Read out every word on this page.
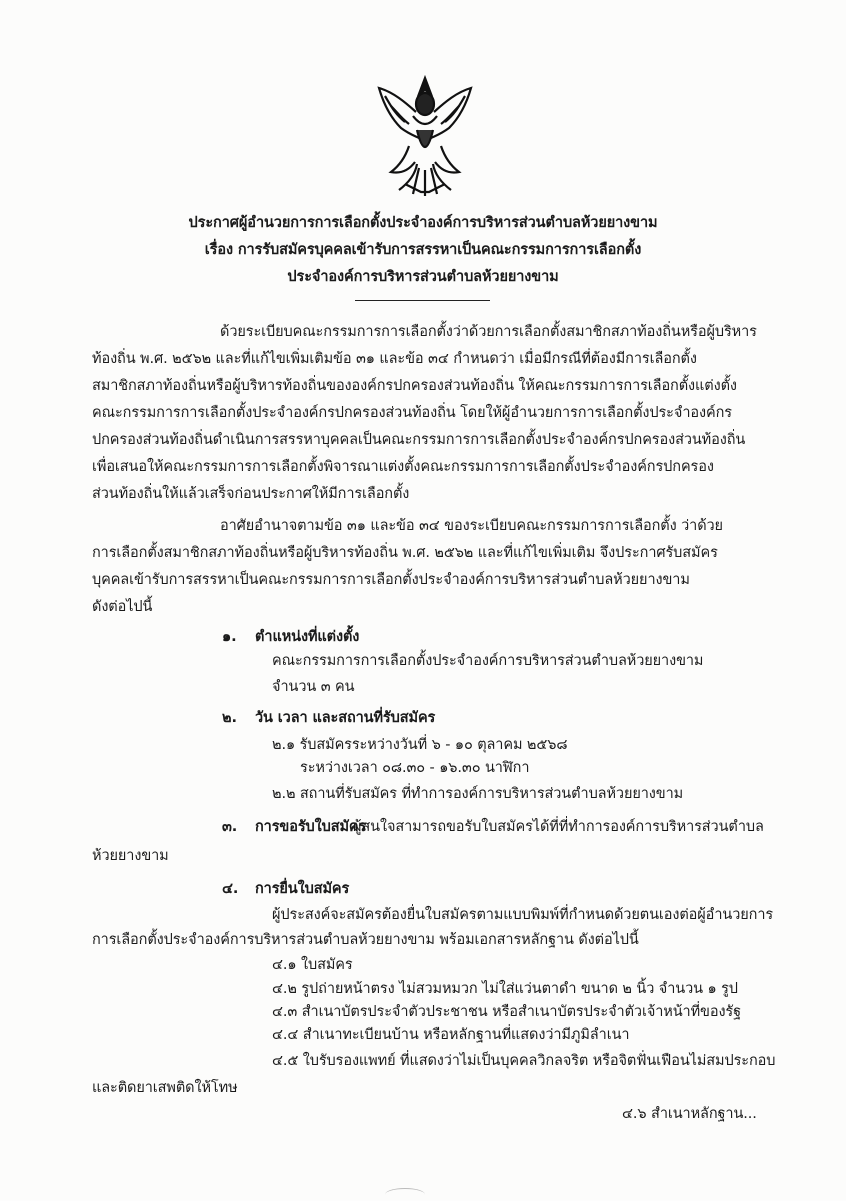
ประกาศผู้อำนวยการการเลือกตั้งประจำองค์การบริหารส่วนตำบลห้วยยางขาม
เรื่อง การรับสมัครบุคคลเข้ารับการสรรหาเป็นคณะกรรมการการเลือกตั้ง
ประจำองค์การบริหารส่วนตำบลห้วยยางขาม
ด้วยระเบียบคณะกรรมการการเลือกตั้งว่าด้วยการเลือกตั้งสมาชิกสภาท้องถิ่นหรือผู้บริหาร
ท้องถิ่น พ.ศ. ๒๕๖๒ และที่แก้ไขเพิ่มเติมข้อ ๓๑ และข้อ ๓๔ กำหนดว่า เมื่อมีกรณีที่ต้องมีการเลือกตั้ง
สมาชิกสภาท้องถิ่นหรือผู้บริหารท้องถิ่นขององค์กรปกครองส่วนท้องถิ่น ให้คณะกรรมการการเลือกตั้งแต่งตั้ง
คณะกรรมการการเลือกตั้งประจำองค์กรปกครองส่วนท้องถิ่น โดยให้ผู้อำนวยการการเลือกตั้งประจำองค์กร
ปกครองส่วนท้องถิ่นดำเนินการสรรหาบุคคลเป็นคณะกรรมการการเลือกตั้งประจำองค์กรปกครองส่วนท้องถิ่น
เพื่อเสนอให้คณะกรรมการการเลือกตั้งพิจารณาแต่งตั้งคณะกรรมการการเลือกตั้งประจำองค์กรปกครอง
ส่วนท้องถิ่นให้แล้วเสร็จก่อนประกาศให้มีการเลือกตั้ง
อาศัยอำนาจตามข้อ ๓๑ และข้อ ๓๔ ของระเบียบคณะกรรมการการเลือกตั้ง ว่าด้วย
การเลือกตั้งสมาชิกสภาท้องถิ่นหรือผู้บริหารท้องถิ่น พ.ศ. ๒๕๖๒ และที่แก้ไขเพิ่มเติม จึงประกาศรับสมัคร
บุคคลเข้ารับการสรรหาเป็นคณะกรรมการการเลือกตั้งประจำองค์การบริหารส่วนตำบลห้วยยางขาม
ดังต่อไปนี้
๑. ตำแหน่งที่แต่งตั้ง
คณะกรรมการการเลือกตั้งประจำองค์การบริหารส่วนตำบลห้วยยางขาม
จำนวน ๓ คน
๒. วัน เวลา และสถานที่รับสมัคร
๒.๑ รับสมัครระหว่างวันที่ ๖ - ๑๐ ตุลาคม ๒๕๖๘
ระหว่างเวลา ๐๘.๓๐ - ๑๖.๓๐ นาฬิกา
๒.๒ สถานที่รับสมัคร ที่ทำการองค์การบริหารส่วนตำบลห้วยยางขาม
๓. การขอรับใบสมัคร
ผู้สนใจสามารถขอรับใบสมัครได้ที่ที่ทำการองค์การบริหารส่วนตำบล
ห้วยยางขาม
๔. การยื่นใบสมัคร
ผู้ประสงค์จะสมัครต้องยื่นใบสมัครตามแบบพิมพ์ที่กำหนดด้วยตนเองต่อผู้อำนวยการ
การเลือกตั้งประจำองค์การบริหารส่วนตำบลห้วยยางขาม พร้อมเอกสารหลักฐาน ดังต่อไปนี้
๔.๑ ใบสมัคร
๔.๒ รูปถ่ายหน้าตรง ไม่สวมหมวก ไม่ใส่แว่นตาดำ ขนาด ๒ นิ้ว จำนวน ๑ รูป
๔.๓ สำเนาบัตรประจำตัวประชาชน หรือสำเนาบัตรประจำตัวเจ้าหน้าที่ของรัฐ
๔.๔ สำเนาทะเบียนบ้าน หรือหลักฐานที่แสดงว่ามีภูมิลำเนา
๔.๕ ใบรับรองแพทย์ ที่แสดงว่าไม่เป็นบุคคลวิกลจริต หรือจิตฟั่นเฟือนไม่สมประกอบ
และติดยาเสพติดให้โทษ
๔.๖ สำเนาหลักฐาน...
